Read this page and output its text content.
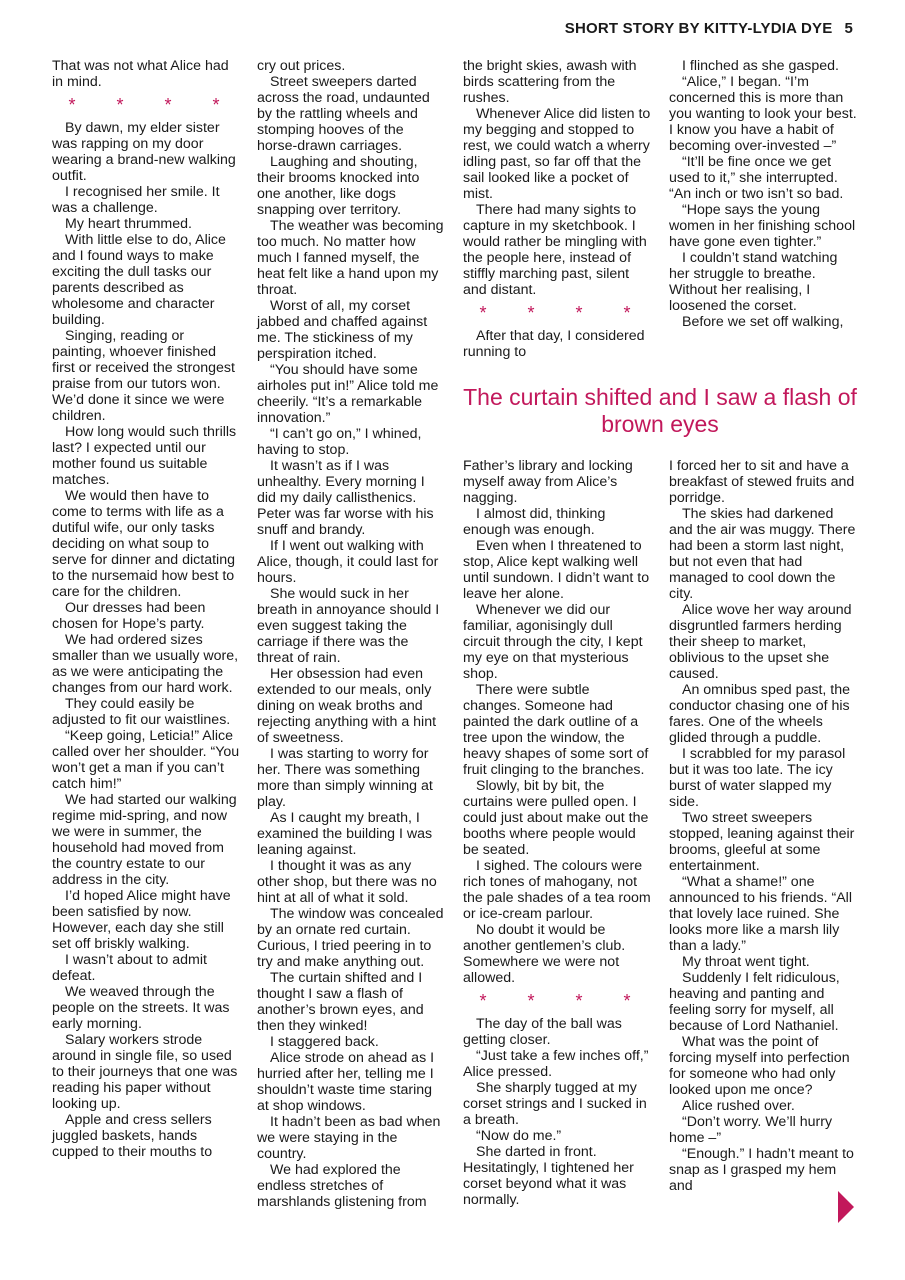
SHORT STORY BY KITTY-LYDIA DYE 5

That was not what Alice had in mind.

* * * *

By dawn, my elder sister was rapping on my door wearing a brand-new walking outfit.

I recognised her smile. It was a challenge.

My heart thrummed.

With little else to do, Alice and I found ways to make exciting the dull tasks our parents described as wholesome and character building.

Singing, reading or painting, whoever finished first or received the strongest praise from our tutors won. We’d done it since we were children.

How long would such thrills last? I expected until our mother found us suitable matches.

We would then have to come to terms with life as a dutiful wife, our only tasks deciding on what soup to serve for dinner and dictating to the nursemaid how best to care for the children.

Our dresses had been chosen for Hope’s party.

We had ordered sizes smaller than we usually wore, as we were anticipating the changes from our hard work.

They could easily be adjusted to fit our waistlines.

“Keep going, Leticia!” Alice called over her shoulder. “You won’t get a man if you can’t catch him!”

We had started our walking regime mid-spring, and now we were in summer, the household had moved from the country estate to our address in the city.

I’d hoped Alice might have been satisfied by now. However, each day she still set off briskly walking.

I wasn’t about to admit defeat.

We weaved through the people on the streets. It was early morning.

Salary workers strode around in single file, so used to their journeys that one was reading his paper without looking up.

Apple and cress sellers juggled baskets, hands cupped to their mouths to

cry out prices.

Street sweepers darted across the road, undaunted by the rattling wheels and stomping hooves of the horse-drawn carriages.

Laughing and shouting, their brooms knocked into one another, like dogs snapping over territory.

The weather was becoming too much. No matter how much I fanned myself, the heat felt like a hand upon my throat.

Worst of all, my corset jabbed and chaffed against me. The stickiness of my perspiration itched.

“You should have some airholes put in!” Alice told me cheerily. “It’s a remarkable innovation.”

“I can’t go on,” I whined, having to stop.

It wasn’t as if I was unhealthy. Every morning I did my daily callisthenics. Peter was far worse with his snuff and brandy.

If I went out walking with Alice, though, it could last for hours.

She would suck in her breath in annoyance should I even suggest taking the carriage if there was the threat of rain.

Her obsession had even extended to our meals, only dining on weak broths and rejecting anything with a hint of sweetness.

I was starting to worry for her. There was something more than simply winning at play.

As I caught my breath, I examined the building I was leaning against.

I thought it was as any other shop, but there was no hint at all of what it sold.

The window was concealed by an ornate red curtain. Curious, I tried peering in to try and make anything out.

The curtain shifted and I thought I saw a flash of another’s brown eyes, and then they winked!

I staggered back.

Alice strode on ahead as I hurried after her, telling me I shouldn’t waste time staring at shop windows.

It hadn’t been as bad when we were staying in the country.

We had explored the endless stretches of marshlands glistening from

the bright skies, awash with birds scattering from the rushes.

Whenever Alice did listen to my begging and stopped to rest, we could watch a wherry idling past, so far off that the sail looked like a pocket of mist.

There had many sights to capture in my sketchbook. I would rather be mingling with the people here, instead of stiffly marching past, silent and distant.

* * * *

After that day, I considered running to

I flinched as she gasped.

“Alice,” I began. “I’m concerned this is more than you wanting to look your best. I know you have a habit of becoming over-invested –”

“It’ll be fine once we get used to it,” she interrupted. “An inch or two isn’t so bad.

“Hope says the young women in her finishing school have gone even tighter.”

I couldn’t stand watching her struggle to breathe. Without her realising, I loosened the corset.

Before we set off walking,

The curtain shifted and I saw a flash of brown eyes

Father’s library and locking myself away from Alice’s nagging.

I almost did, thinking enough was enough.

Even when I threatened to stop, Alice kept walking well until sundown. I didn’t want to leave her alone.

Whenever we did our familiar, agonisingly dull circuit through the city, I kept my eye on that mysterious shop.

There were subtle changes. Someone had painted the dark outline of a tree upon the window, the heavy shapes of some sort of fruit clinging to the branches.

Slowly, bit by bit, the curtains were pulled open. I could just about make out the booths where people would be seated.

I sighed. The colours were rich tones of mahogany, not the pale shades of a tea room or ice-cream parlour.

No doubt it would be another gentlemen’s club. Somewhere we were not allowed.

* * * *

The day of the ball was getting closer.

“Just take a few inches off,” Alice pressed.

She sharply tugged at my corset strings and I sucked in a breath.

“Now do me.”

She darted in front. Hesitatingly, I tightened her corset beyond what it was normally.

I forced her to sit and have a breakfast of stewed fruits and porridge.

The skies had darkened and the air was muggy. There had been a storm last night, but not even that had managed to cool down the city.

Alice wove her way around disgruntled farmers herding their sheep to market, oblivious to the upset she caused.

An omnibus sped past, the conductor chasing one of his fares. One of the wheels glided through a puddle.

I scrabbled for my parasol but it was too late. The icy burst of water slapped my side.

Two street sweepers stopped, leaning against their brooms, gleeful at some entertainment.

“What a shame!” one announced to his friends. “All that lovely lace ruined. She looks more like a marsh lily than a lady.”

My throat went tight.

Suddenly I felt ridiculous, heaving and panting and feeling sorry for myself, all because of Lord Nathaniel.

What was the point of forcing myself into perfection for someone who had only looked upon me once?

Alice rushed over.

“Don’t worry. We’ll hurry home –”

“Enough.” I hadn’t meant to snap as I grasped my hem and
